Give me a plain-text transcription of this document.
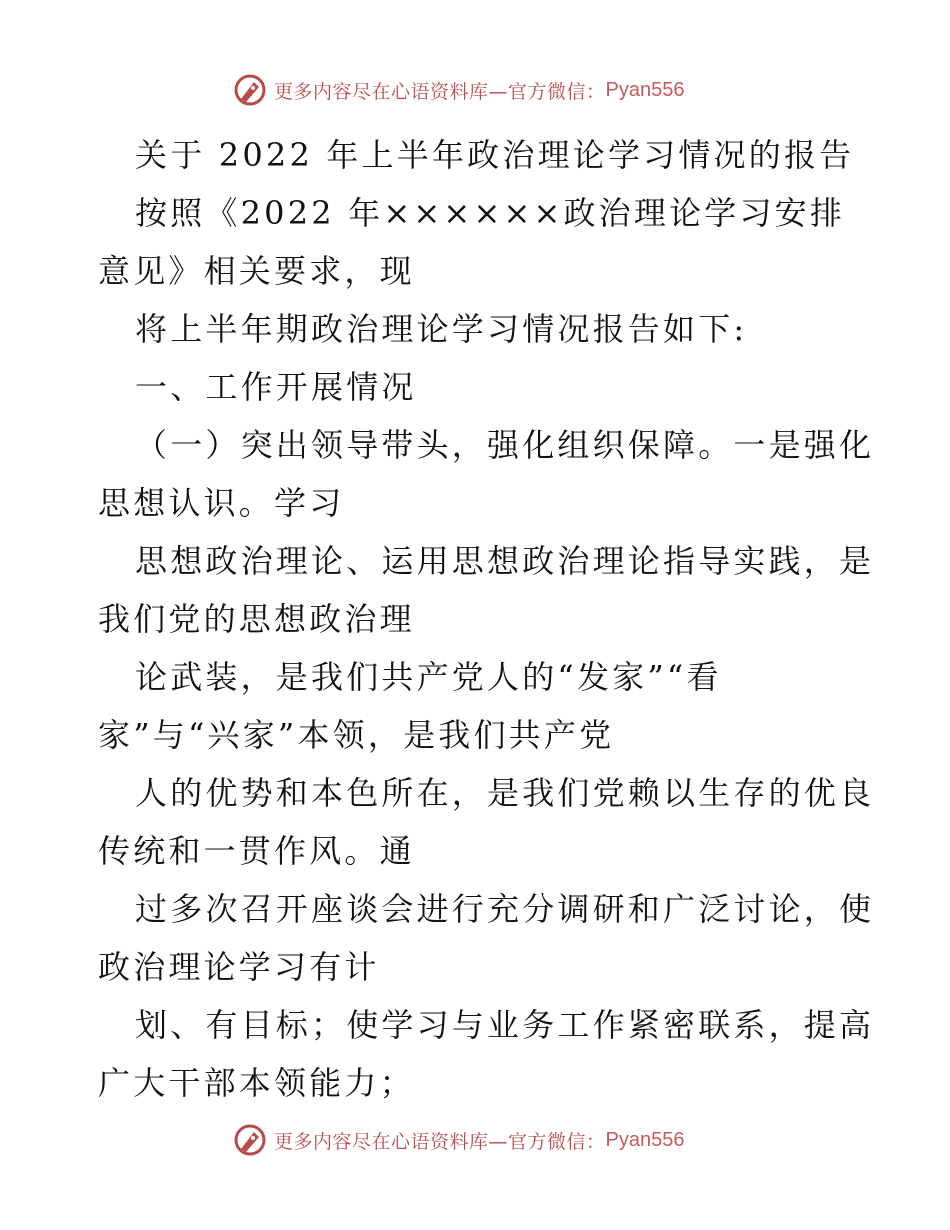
更多内容尽在心语资料库—官方微信： Pyan556
关于 2022 年上半年政治理论学习情况的报告
按照《2022 年××××××政治理论学习安排
意见》相关要求，现
将上半年期政治理论学习情况报告如下:
一、工作开展情况
（一）突出领导带头，强化组织保障。一是强化
思想认识。学习
思想政治理论、运用思想政治理论指导实践，是
我们党的思想政治理
论武装，是我们共产党人的“发家”“看
家”与“兴家”本领，是我们共产党
人的优势和本色所在，是我们党赖以生存的优良
传统和一贯作风。通
过多次召开座谈会进行充分调研和广泛讨论，使
政治理论学习有计
划、有目标；使学习与业务工作紧密联系，提高
广大干部本领能力；
更多内容尽在心语资料库—官方微信： Pyan556
